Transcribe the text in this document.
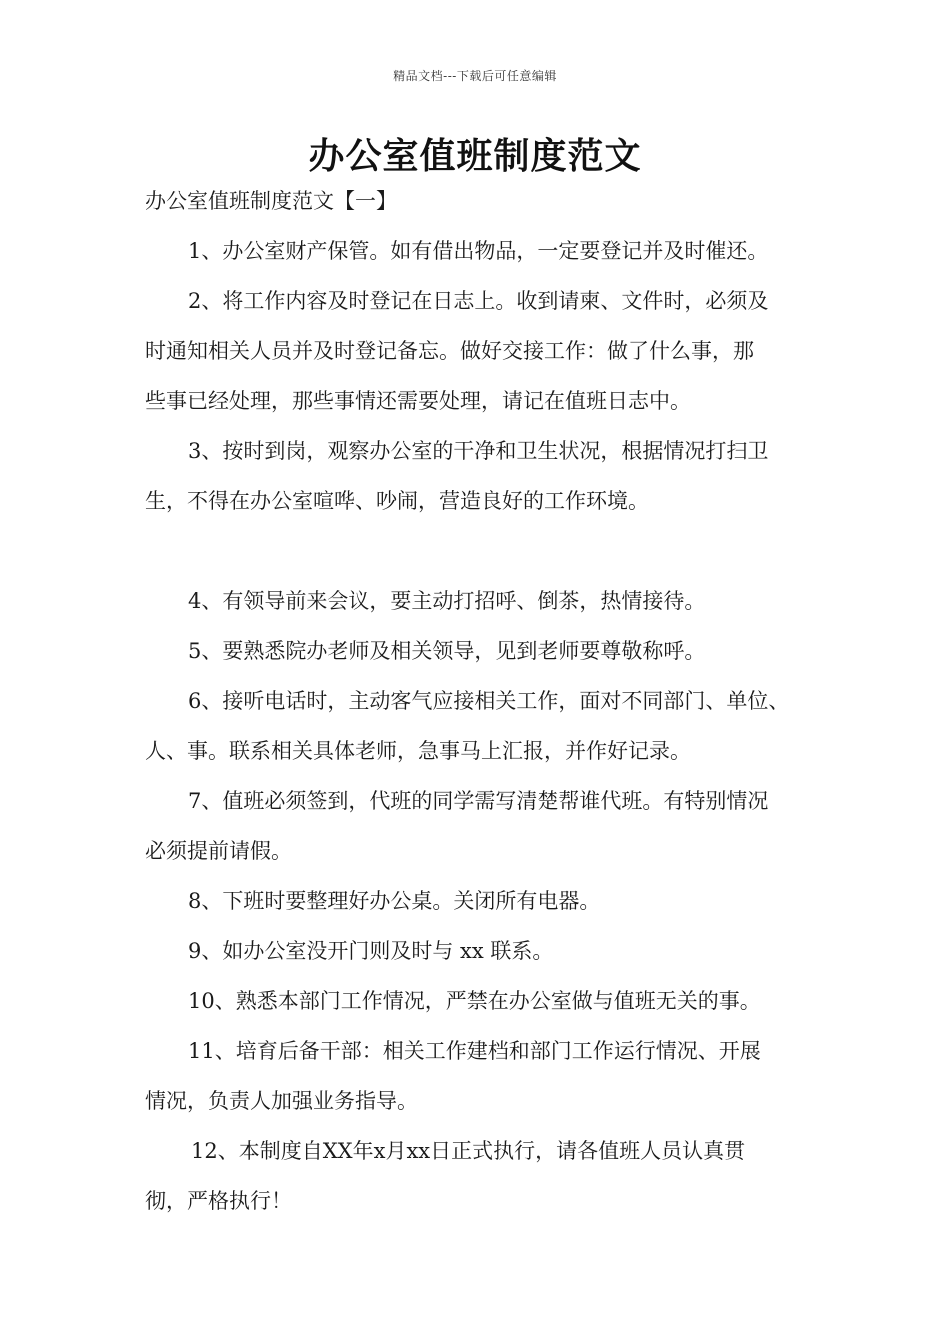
精品文档---下载后可任意编辑
办公室值班制度范文

办公室值班制度范文【一】

1、办公室财产保管。如有借出物品，一定要登记并及时催还。

2、将工作内容及时登记在日志上。收到请柬、文件时，必须及

时通知相关人员并及时登记备忘。做好交接工作：做了什么事，那

些事已经处理，那些事情还需要处理，请记在值班日志中。

3、按时到岗，观察办公室的干净和卫生状况，根据情况打扫卫

生，不得在办公室喧哗、吵闹，营造良好的工作环境。

4、有领导前来会议，要主动打招呼、倒茶，热情接待。

5、要熟悉院办老师及相关领导，见到老师要尊敬称呼。

6、接听电话时，主动客气应接相关工作，面对不同部门、单位、

人、事。联系相关具体老师，急事马上汇报，并作好记录。

7、值班必须签到，代班的同学需写清楚帮谁代班。有特别情况

必须提前请假。

8、下班时要整理好办公桌。关闭所有电器。

9、如办公室没开门则及时与 xx 联系。

10、熟悉本部门工作情况，严禁在办公室做与值班无关的事。

11、培育后备干部：相关工作建档和部门工作运行情况、开展

情况，负责人加强业务指导。

12、本制度自XX年x月xx日正式执行，请各值班人员认真贯

彻，严格执行！
